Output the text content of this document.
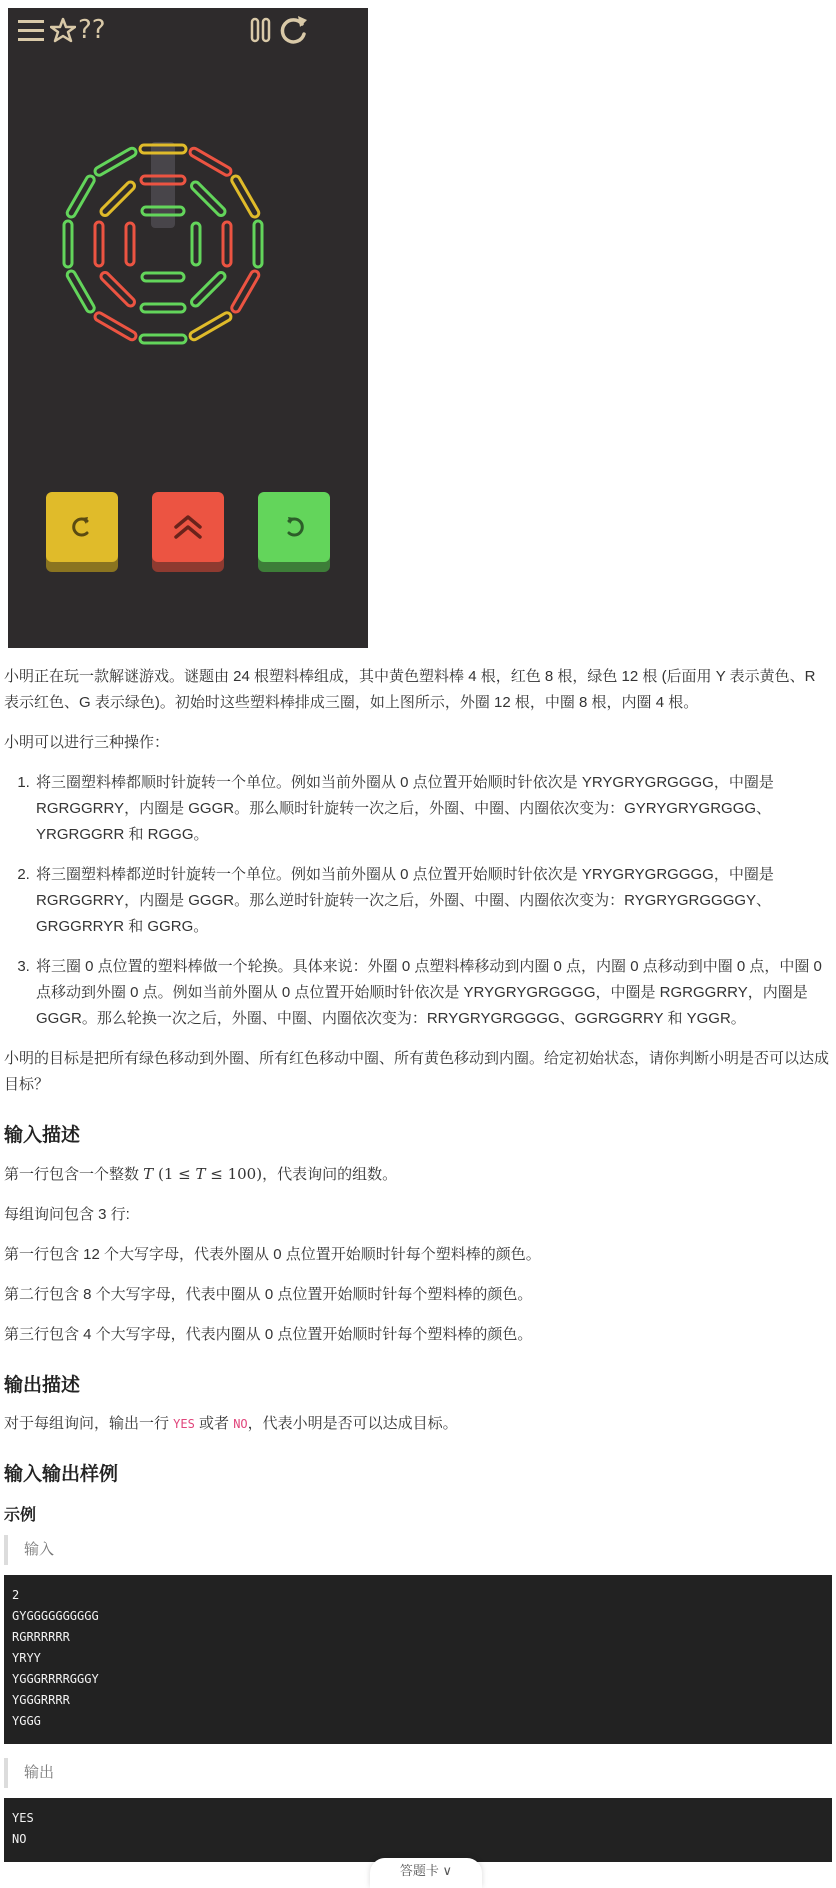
??

小明正在玩一款解谜游戏。谜题由 24 根塑料棒组成，其中黄色塑料棒 4 根，红色 8 根，绿色 12 根 (后面用 Y 表示黄色、R 表示红色、G 表示绿色)。初始时这些塑料棒排成三圈，如上图所示，外圈 12 根，中圈 8 根，内圈 4 根。

小明可以进行三种操作：

1. 将三圈塑料棒都顺时针旋转一个单位。例如当前外圈从 0 点位置开始顺时针依次是 YRYGRYGRGGGG，中圈是 RGRGGRRY，内圈是 GGGR。那么顺时针旋转一次之后，外圈、中圈、内圈依次变为：GYRYGRYGRGGG、YRGRGGRR 和 RGGG。
2. 将三圈塑料棒都逆时针旋转一个单位。例如当前外圈从 0 点位置开始顺时针依次是 YRYGRYGRGGGG，中圈是 RGRGGRRY，内圈是 GGGR。那么逆时针旋转一次之后，外圈、中圈、内圈依次变为：RYGRYGRGGGGY、GRGGRRYR 和 GGRG。
3. 将三圈 0 点位置的塑料棒做一个轮换。具体来说：外圈 0 点塑料棒移动到内圈 0 点，内圈 0 点移动到中圈 0 点，中圈 0 点移动到外圈 0 点。例如当前外圈从 0 点位置开始顺时针依次是 YRYGRYGRGGGG，中圈是 RGRGGRRY，内圈是 GGGR。那么轮换一次之后，外圈、中圈、内圈依次变为：RRYGRYGRGGGG、GGRGGRRY 和 YGGR。

小明的目标是把所有绿色移动到外圈、所有红色移动中圈、所有黄色移动到内圈。给定初始状态，请你判断小明是否可以达成目标？

输入描述

第一行包含一个整数 T (1 ≤ T ≤ 100)，代表询问的组数。

每组询问包含 3 行:

第一行包含 12 个大写字母，代表外圈从 0 点位置开始顺时针每个塑料棒的颜色。

第二行包含 8 个大写字母，代表中圈从 0 点位置开始顺时针每个塑料棒的颜色。

第三行包含 4 个大写字母，代表内圈从 0 点位置开始顺时针每个塑料棒的颜色。

输出描述

对于每组询问，输出一行 YES 或者 NO，代表小明是否可以达成目标。

输入输出样例
示例
输入
2
GYGGGGGGGGGG
RGRRRRRR
YRYY
YGGGRRRRGGGY
YGGGRRRR
YGGG
输出
YES
NO
答题卡 ∨
